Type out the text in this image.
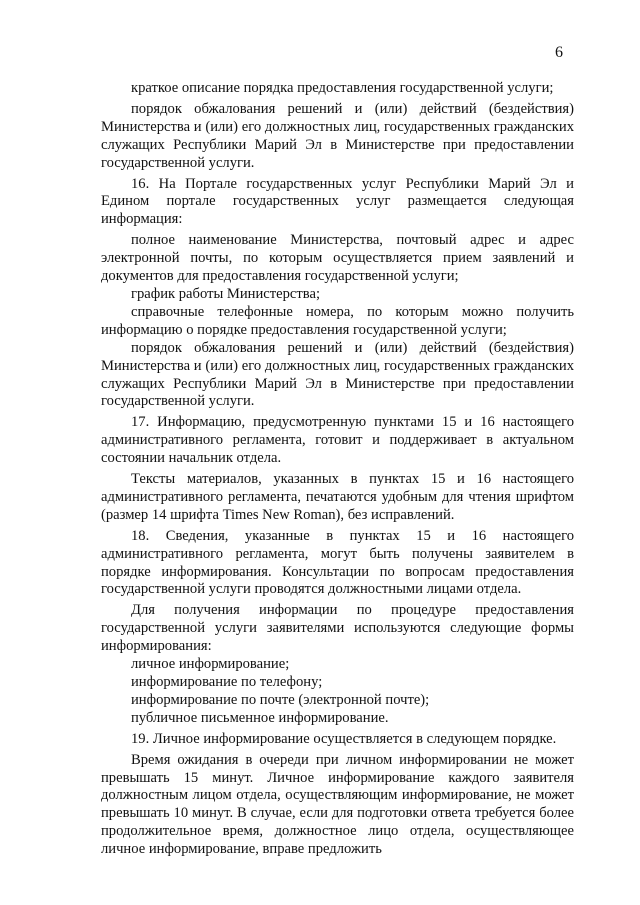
6

краткое описание порядка предоставления государственной услуги;

порядок обжалования решений и (или) действий (бездействия) Министерства и (или) его должностных лиц, государственных гражданских служащих Республики Марий Эл в Министерстве при предоставлении государственной услуги.

16. На Портале государственных услуг Республики Марий Эл и Едином портале государственных услуг размещается следующая информация:

полное наименование Министерства, почтовый адрес и адрес электронной почты, по которым осуществляется прием заявлений и документов для предоставления государственной услуги;

график работы Министерства;

справочные телефонные номера, по которым можно получить информацию о порядке предоставления государственной услуги;

порядок обжалования решений и (или) действий (бездействия) Министерства и (или) его должностных лиц, государственных гражданских служащих Республики Марий Эл в Министерстве при предоставлении государственной услуги.

17. Информацию, предусмотренную пунктами 15 и 16 настоящего административного регламента, готовит и поддерживает в актуальном состоянии начальник отдела.

Тексты материалов, указанных в пунктах 15 и 16 настоящего административного регламента, печатаются удобным для чтения шрифтом (размер 14 шрифта Times New Roman), без исправлений.

18. Сведения, указанные в пунктах 15 и 16 настоящего административного регламента, могут быть получены заявителем в порядке информирования. Консультации по вопросам предоставления государственной услуги проводятся должностными лицами отдела.

Для получения информации по процедуре предоставления государственной услуги заявителями используются следующие формы информирования:

личное информирование;

информирование по телефону;

информирование по почте (электронной почте);

публичное письменное информирование.

19. Личное информирование осуществляется в следующем порядке.

Время ожидания в очереди при личном информировании не может превышать 15 минут. Личное информирование каждого заявителя должностным лицом отдела, осуществляющим информирование, не может превышать 10 минут. В случае, если для подготовки ответа требуется более продолжительное время, должностное лицо отдела, осуществляющее личное информирование, вправе предложить
